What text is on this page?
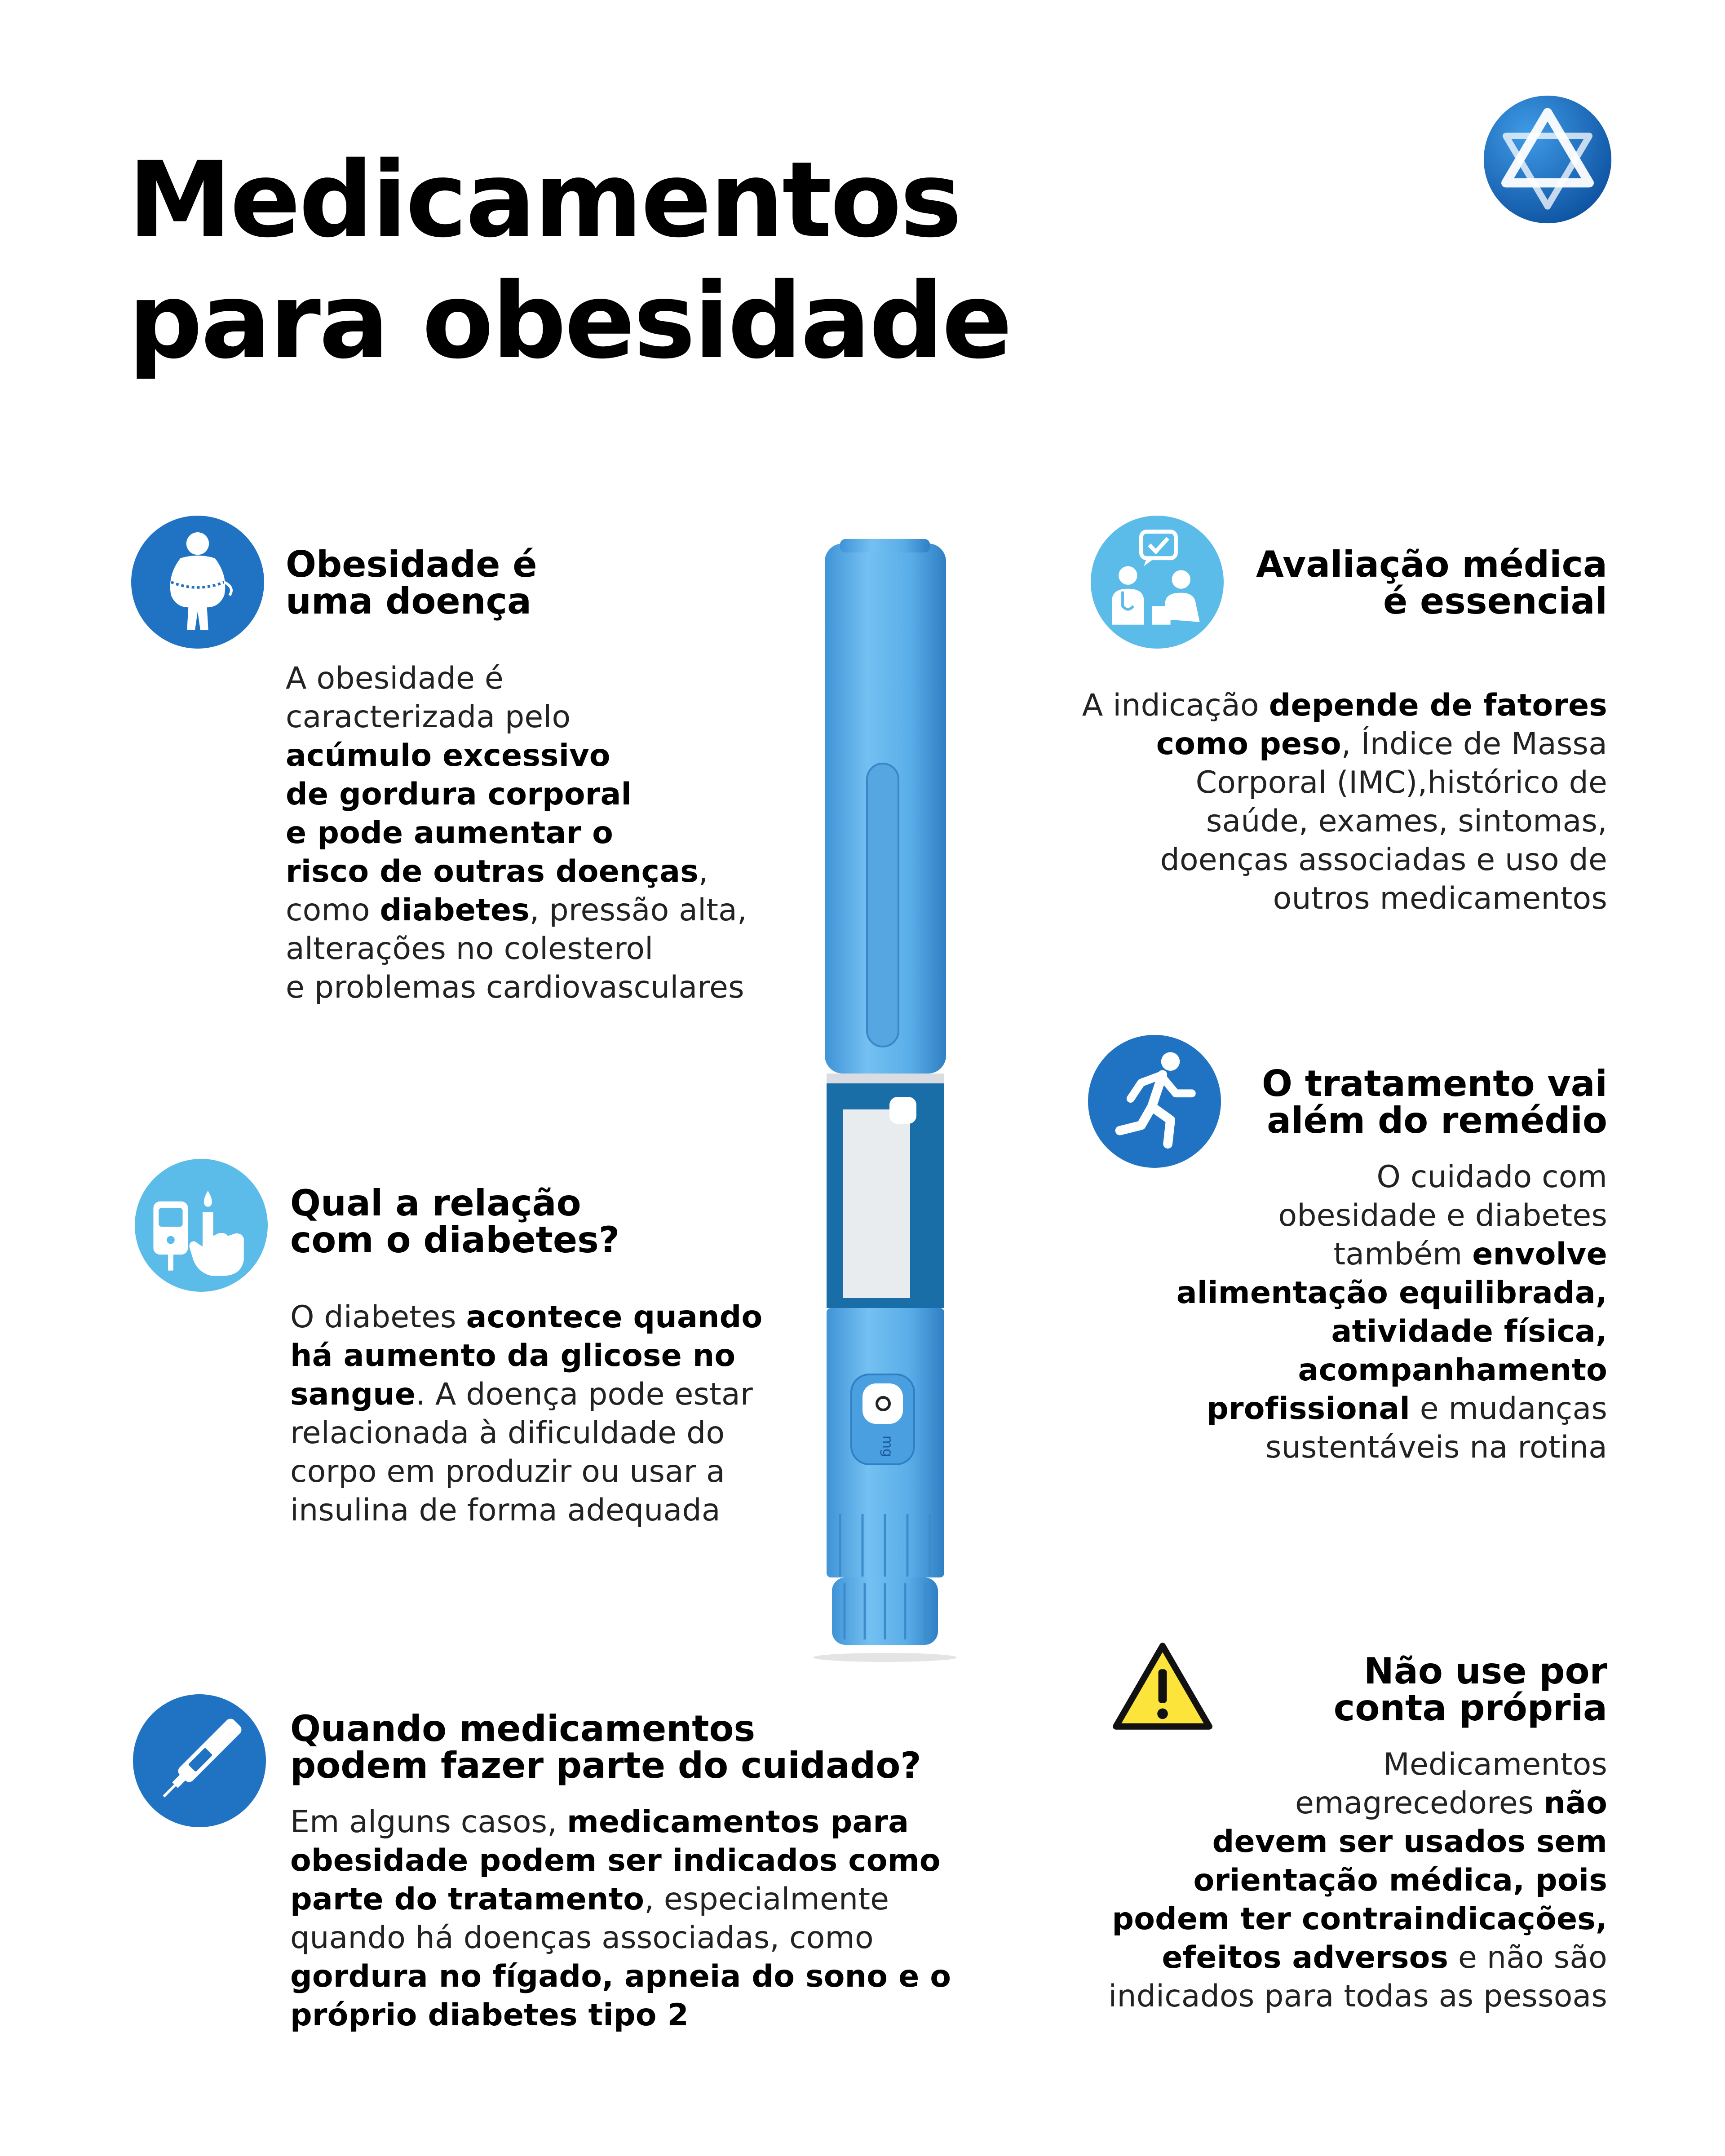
Medicamentos
para obesidade
Obesidade é
uma doença

A obesidade é
caracterizada pelo
acúmulo excessivo
de gordura corporal
e pode aumentar o
risco de outras doenças,
como diabetes, pressão alta,
alterações no colesterol
e problemas cardiovasculares

Qual a relação
com o diabetes?

O diabetes acontece quando
há aumento da glicose no
sangue. A doença pode estar
relacionada à dificuldade do
corpo em produzir ou usar a
insulina de forma adequada

Quando medicamentos
podem fazer parte do cuidado?

Em alguns casos, medicamentos para
obesidade podem ser indicados como
parte do tratamento, especialmente
quando há doenças associadas, como
gordura no fígado, apneia do sono e o
próprio diabetes tipo 2

mg
Avaliação médica
é essencial

A indicação depende de fatores
como peso, Índice de Massa
Corporal (IMC),histórico de
saúde, exames, sintomas,
doenças associadas e uso de
outros medicamentos

O tratamento vai
além do remédio

O cuidado com
obesidade e diabetes
também envolve
alimentação equilibrada,
atividade física,
acompanhamento
profissional e mudanças
sustentáveis na rotina

Não use por
conta própria

Medicamentos
emagrecedores não
devem ser usados sem
orientação médica, pois
podem ter contraindicações,
efeitos adversos e não são
indicados para todas as pessoas
